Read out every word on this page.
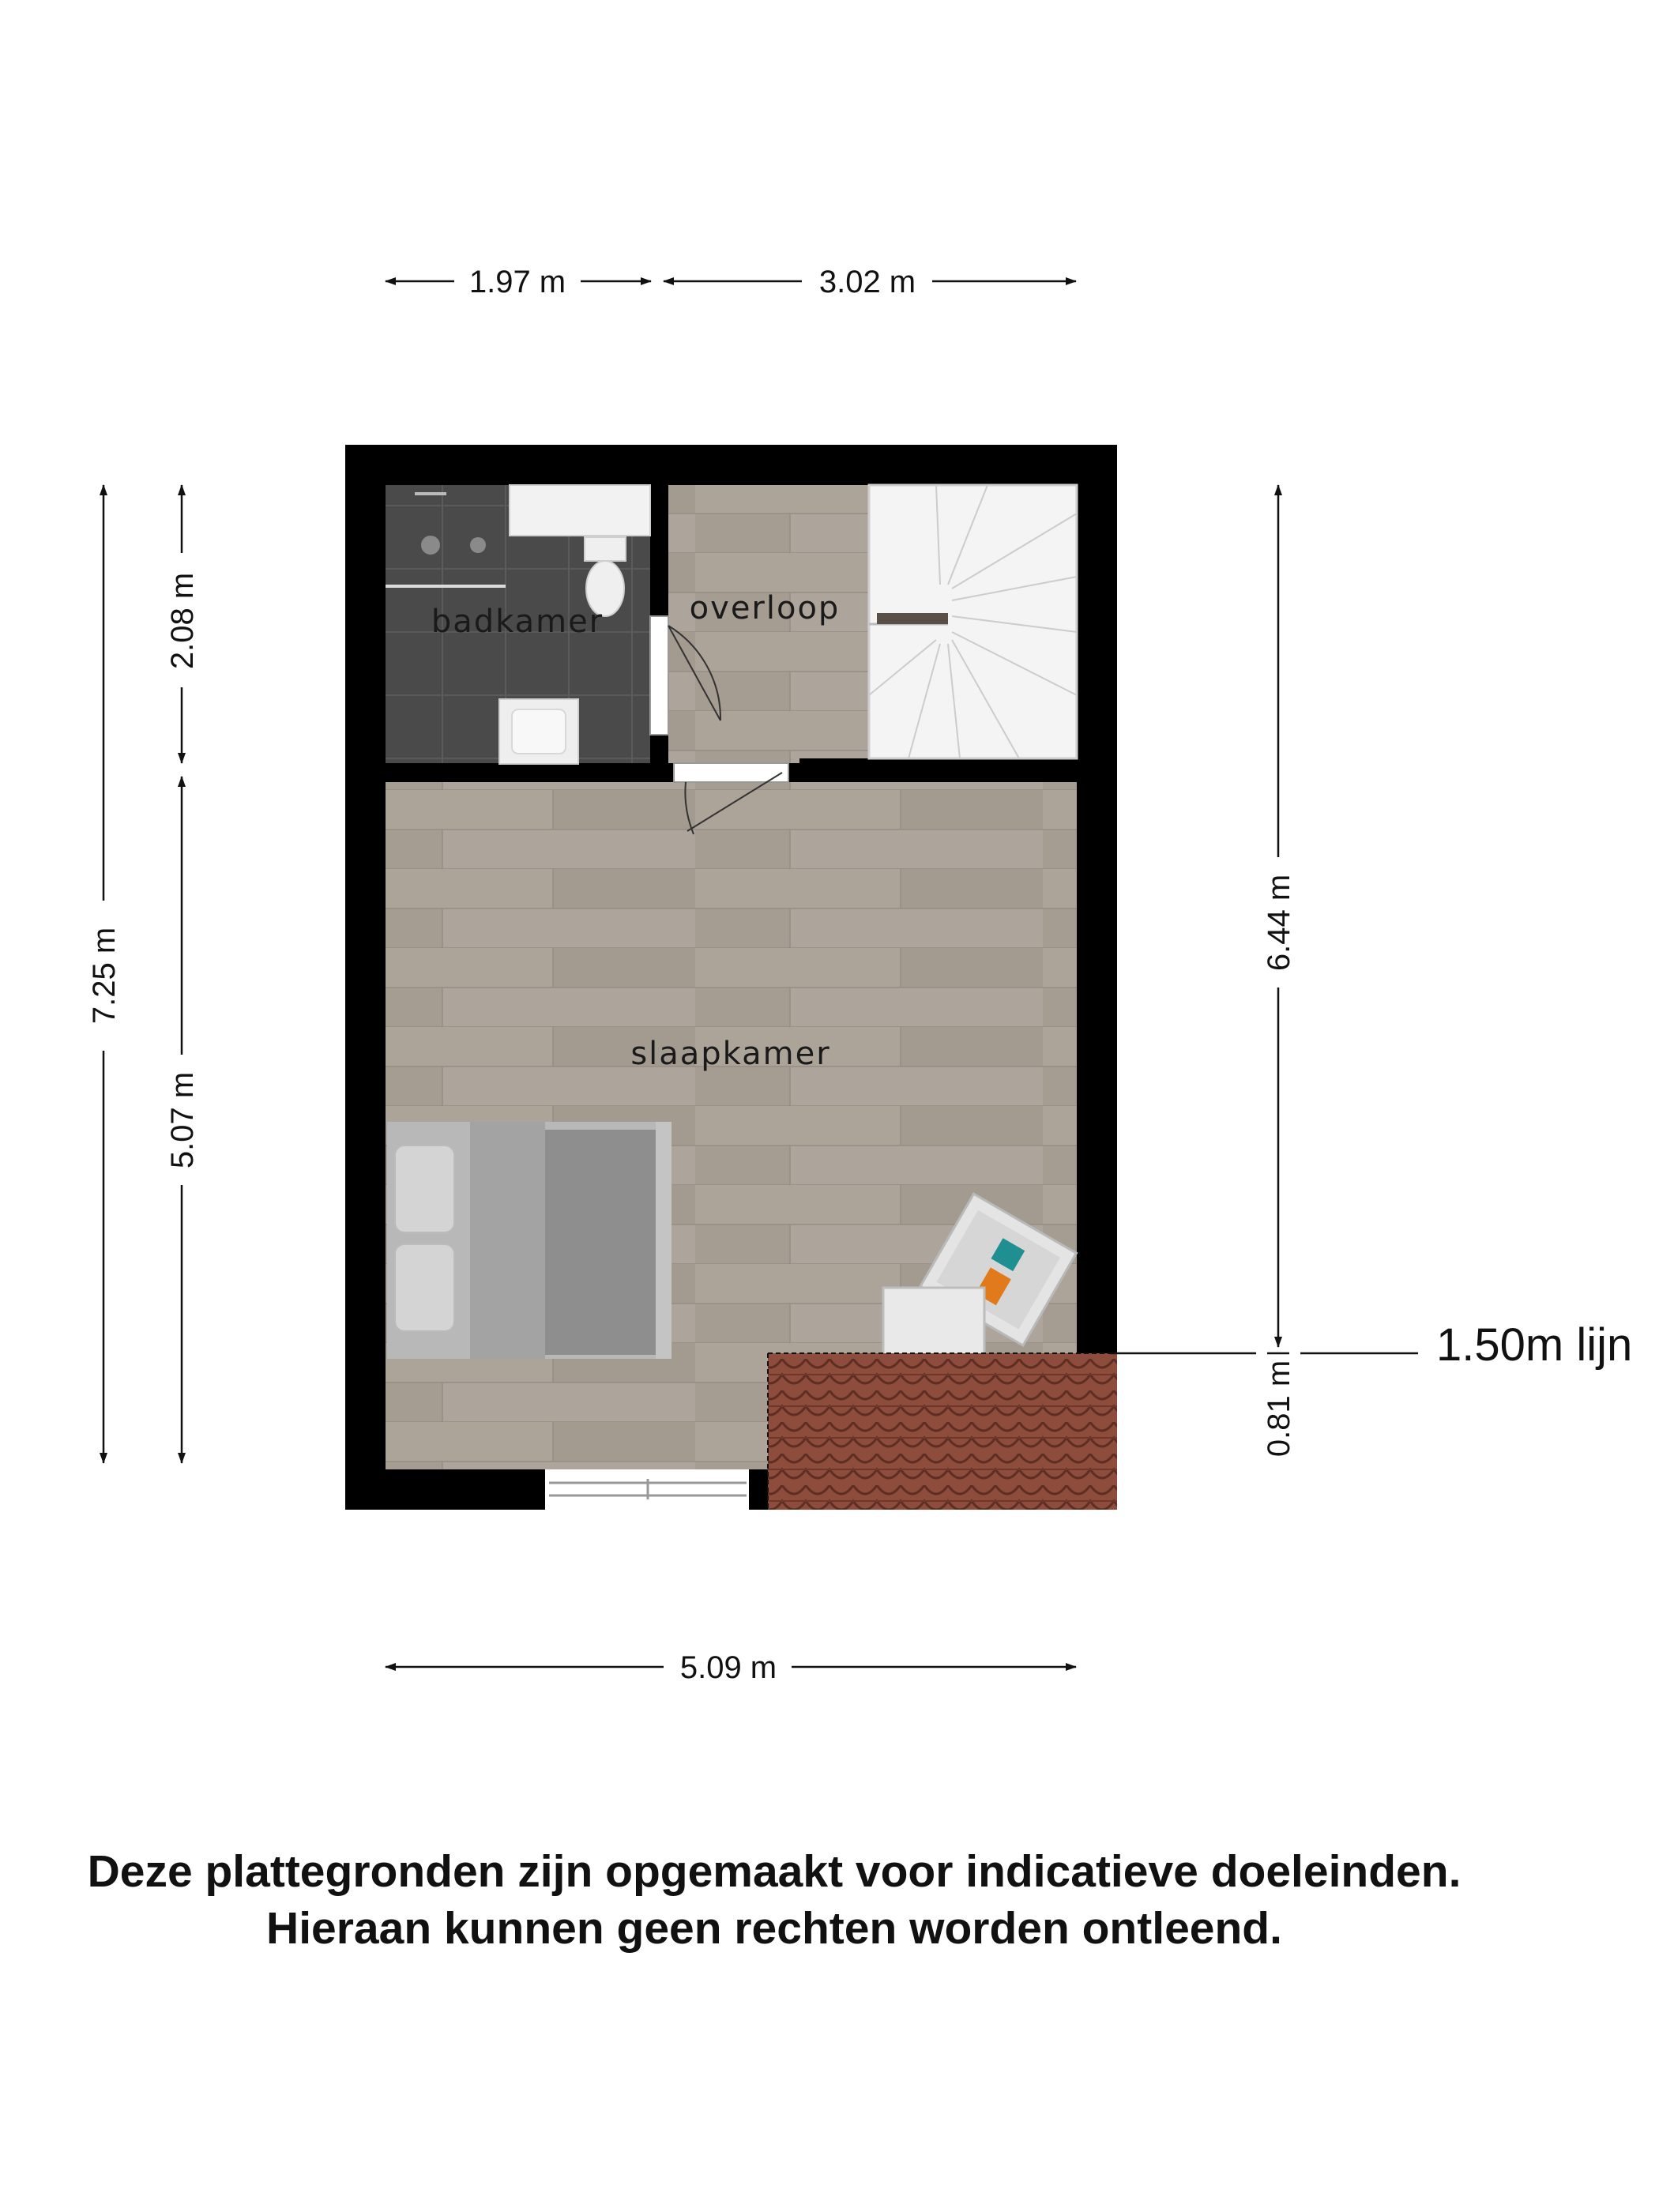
badkamer	overloop
slaapkamer
1.97 m	3.02 m
5.09 m
7.25 m
2.08 m
5.07 m
6.44 m
0.81 m
1.50m lijn
Deze plattegronden zijn opgemaakt voor indicatieve doeleinden.
Hieraan kunnen geen rechten worden ontleend.
